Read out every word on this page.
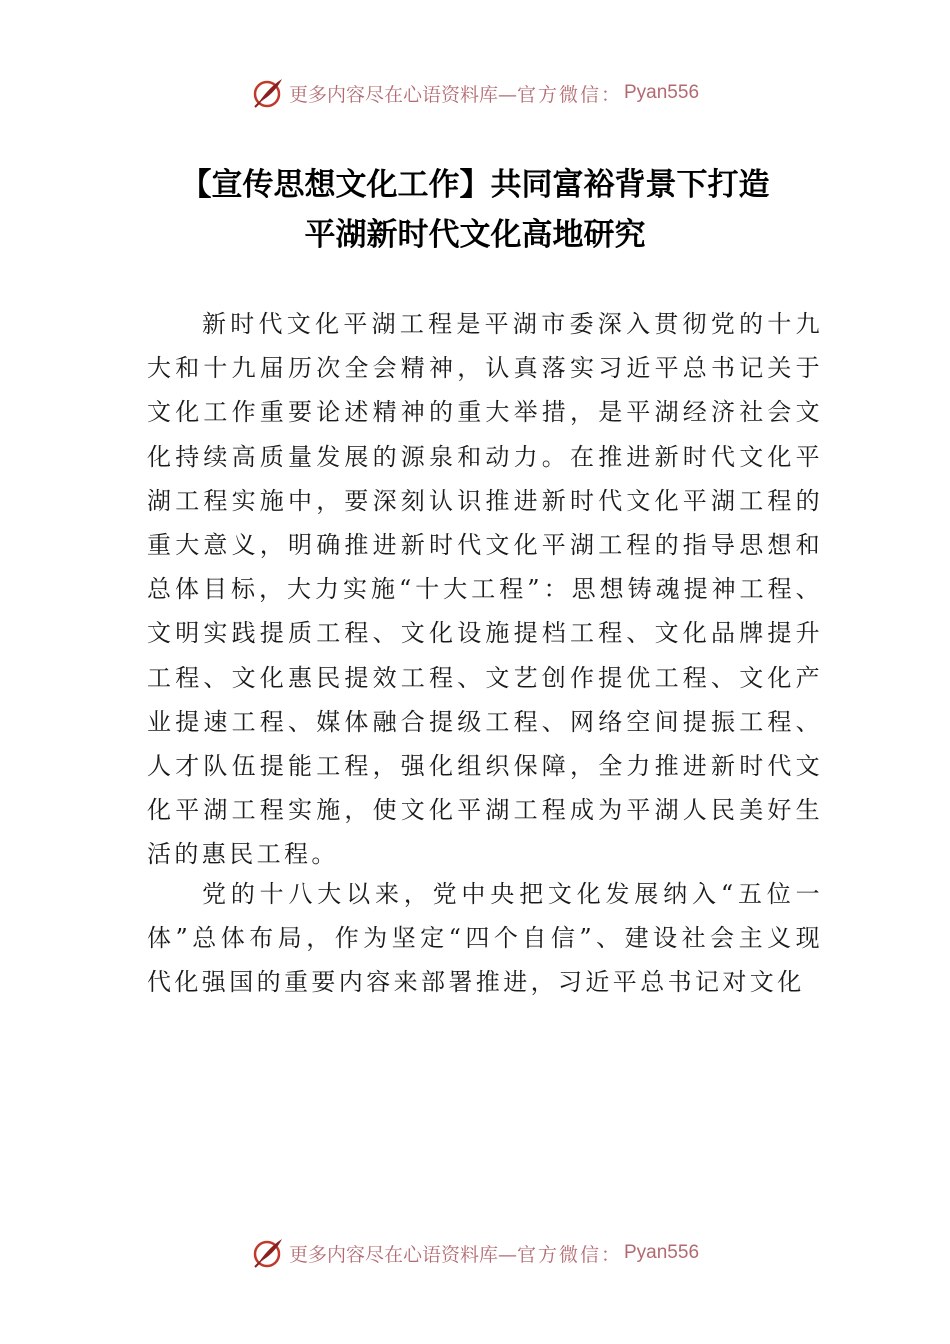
更多内容尽在心语资料库— 官方微信： Pyan556
【宣传思想文化工作】共同富裕背景下打造
平湖新时代文化高地研究

新时代文化平湖工程是平湖市委深入贯彻党的十九大和十九届历次全会精神，认真落实习近平总书记关于文化工作重要论述精神的重大举措，是平湖经济社会文化持续高质量发展的源泉和动力。在推进新时代文化平湖工程实施中，要深刻认识推进新时代文化平湖工程的重大意义，明确推进新时代文化平湖工程的指导思想和总体目标，大力实施“十大工程”：思想铸魂提神工程、文明实践提质工程、文化设施提档工程、文化品牌提升工程、文化惠民提效工程、文艺创作提优工程、文化产业提速工程、媒体融合提级工程、网络空间提振工程、人才队伍提能工程，强化组织保障，全力推进新时代文化平湖工程实施，使文化平湖工程成为平湖人民美好生活的惠民工程。

党的十八大以来，党中央把文化发展纳入“五位一体”总体布局，作为坚定“四个自信”、建设社会主义现代化强国的重要内容来部署推进，习近平总书记对文化

更多内容尽在心语资料库— 官方微信： Pyan556
